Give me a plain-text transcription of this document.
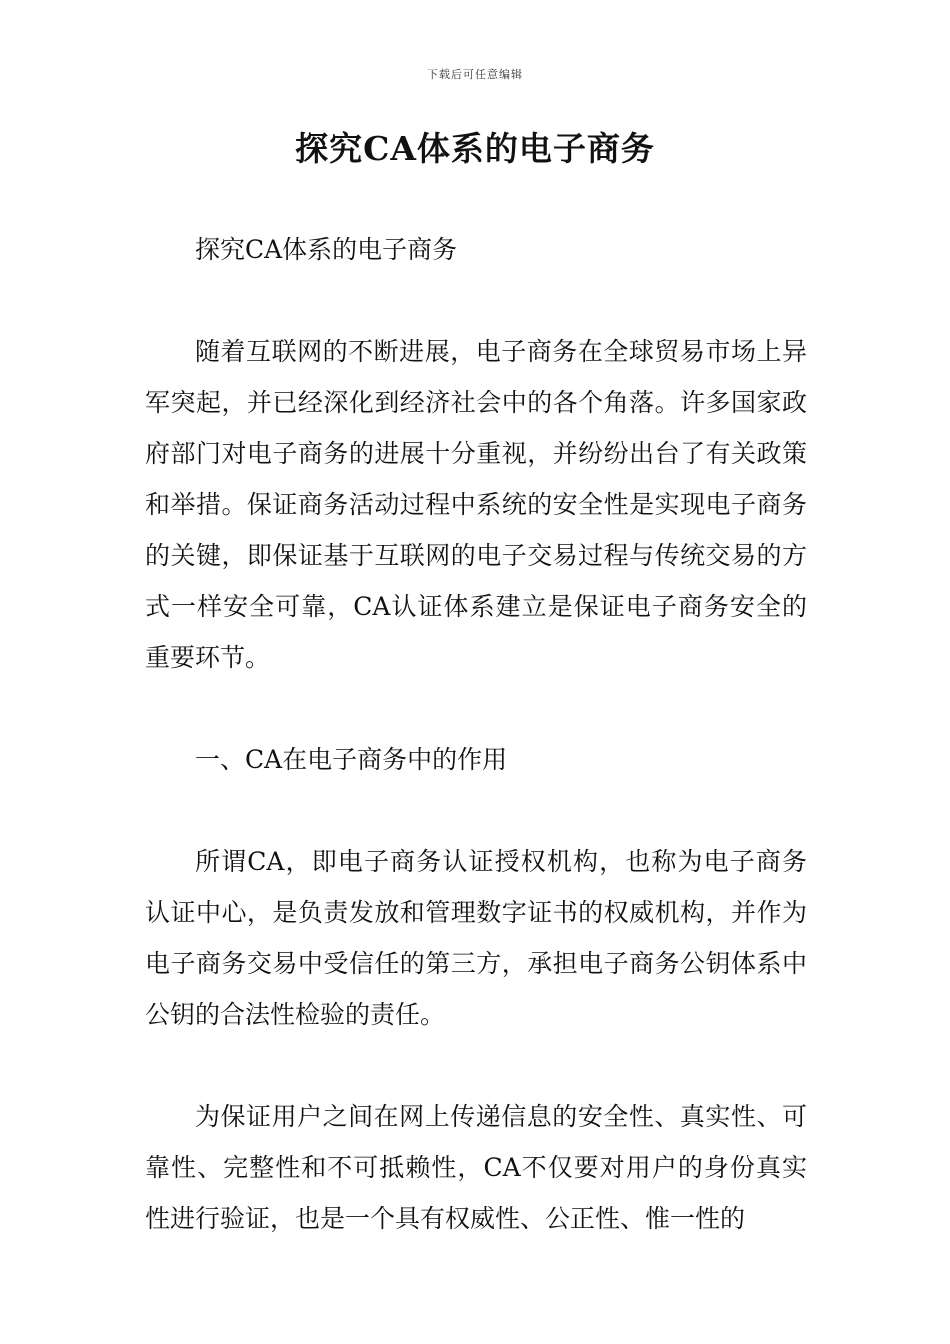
下载后可任意编辑
探究CA体系的电子商务

探究CA体系的电子商务

随着互联网的不断进展，电子商务在全球贸易市场上异军突起，并已经深化到经济社会中的各个角落。许多国家政府部门对电子商务的进展十分重视，并纷纷出台了有关政策和举措。保证商务活动过程中系统的安全性是实现电子商务的关键，即保证基于互联网的电子交易过程与传统交易的方式一样安全可靠，CA认证体系建立是保证电子商务安全的重要环节。

一、CA在电子商务中的作用

所谓CA，即电子商务认证授权机构，也称为电子商务认证中心，是负责发放和管理数字证书的权威机构，并作为电子商务交易中受信任的第三方，承担电子商务公钥体系中公钥的合法性检验的责任。

为保证用户之间在网上传递信息的安全性、真实性、可靠性、完整性和不可抵赖性，CA不仅要对用户的身份真实性进行验证，也是一个具有权威性、公正性、惟一性的
